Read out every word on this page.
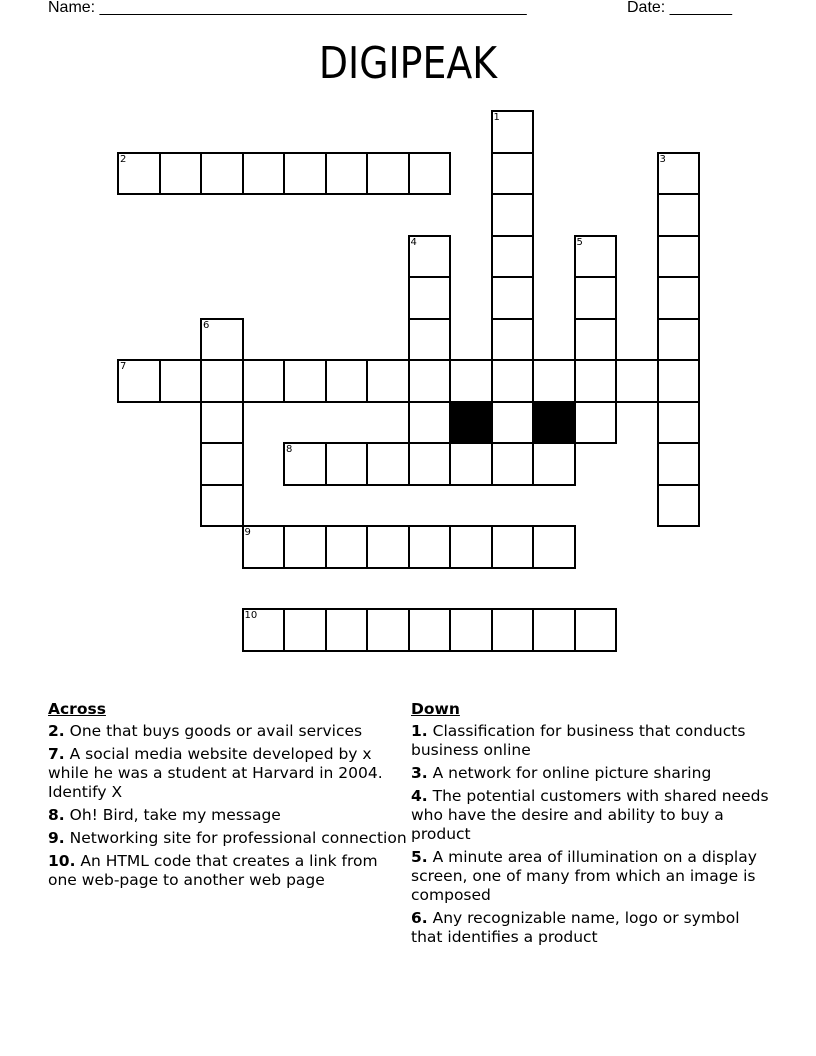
Name: ________________________________________________	Date: _______
DIGIPEAK
1
2	3
4	5
6
7
8
9
10
Across
2. One that buys goods or avail services
7. A social media website developed by x while he was a student at Harvard in 2004. Identify X
8. Oh! Bird, take my message
9. Networking site for professional connection
10. An HTML code that creates a link from one web-page to another web page
Down
1. Classification for business that conducts business online
3. A network for online picture sharing
4. The potential customers with shared needs who have the desire and ability to buy a product
5. A minute area of illumination on a display screen, one of many from which an image is composed
6. Any recognizable name, logo or symbol that identifies a product
